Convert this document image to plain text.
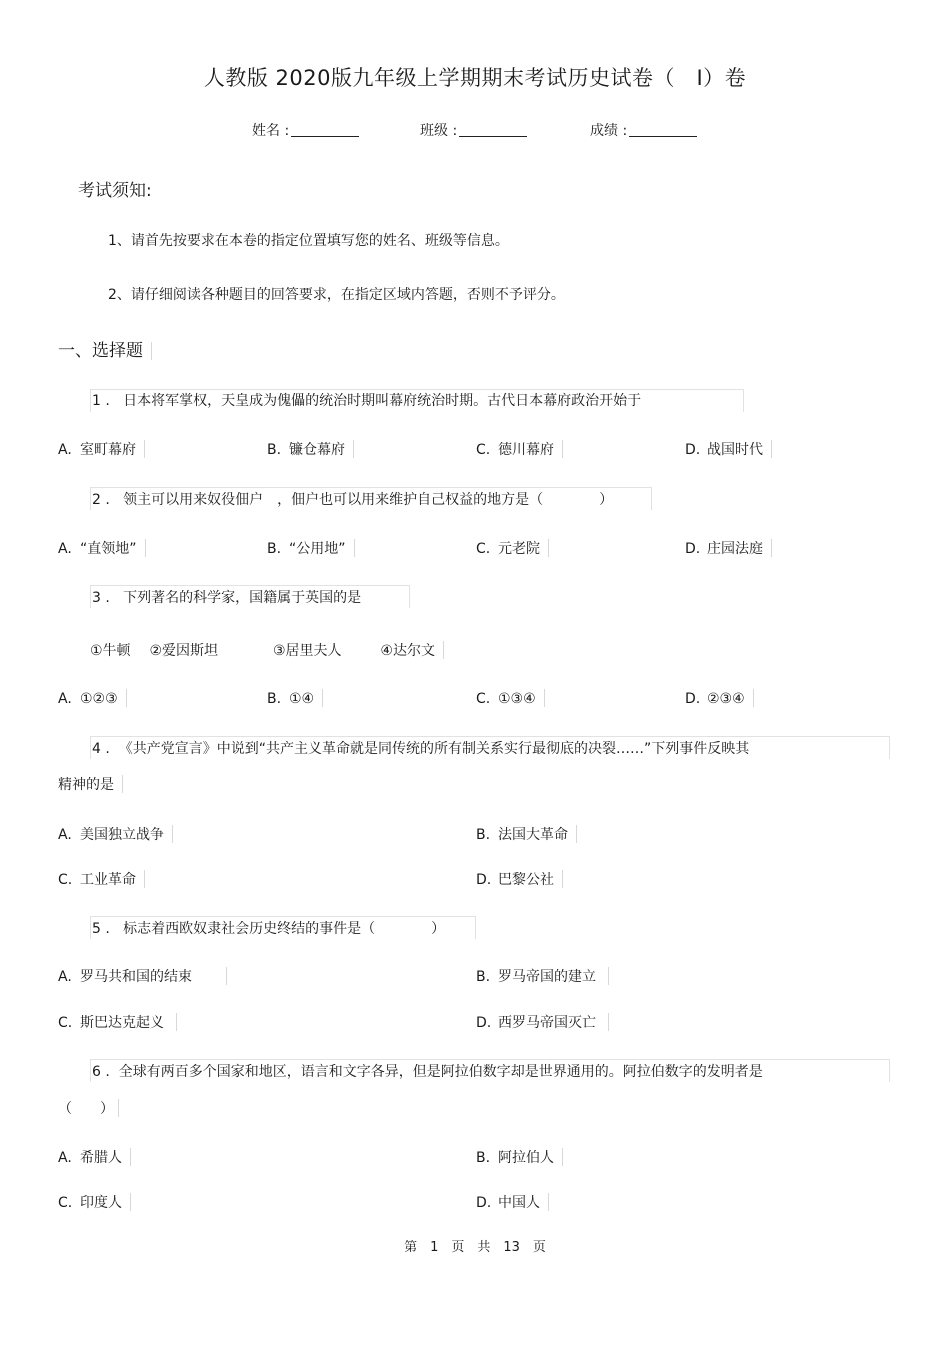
人教版 2020版九年级上学期期末考试历史试卷（　I）卷
姓名 :	班级 :	成绩 :
考试须知:
1、请首先按要求在本卷的指定位置填写您的姓名、班级等信息。
2、请仔细阅读各种题目的回答要求，在指定区域内答题，否则不予评分。
一、选择题
1 . 日本将军掌权，天皇成为傀儡的统治时期叫幕府统治时期。古代日本幕府政治开始于
A. 室町幕府	B. 镰仓幕府	C. 德川幕府	D. 战国时代
2 . 领主可以用来奴役佃户　，佃户也可以用来维护自己权益的地方是（　　　　）
A. “直领地”	B. “公用地”	C. 元老院	D. 庄园法庭
3 . 下列著名的科学家，国籍属于英国的是
①牛顿 ②爱因斯坦	③居里夫人	④达尔文
A. ①②③	B. ①④	C. ①③④	D. ②③④
4 . 《共产党宣言》中说到“共产主义革命就是同传统的所有制关系实行最彻底的决裂……”下列事件反映其
精神的是
A. 美国独立战争	B. 法国大革命
C. 工业革命	D. 巴黎公社
5 . 标志着西欧奴隶社会历史终结的事件是（　　　　）
A. 罗马共和国的结束	B. 罗马帝国的建立
C. 斯巴达克起义	D. 西罗马帝国灭亡
6 . 全球有两百多个国家和地区，语言和文字各异，但是阿拉伯数字却是世界通用的。阿拉伯数字的发明者是
（　　）
A. 希腊人	B. 阿拉伯人
C. 印度人	D. 中国人
第　1　页　共　13　页
